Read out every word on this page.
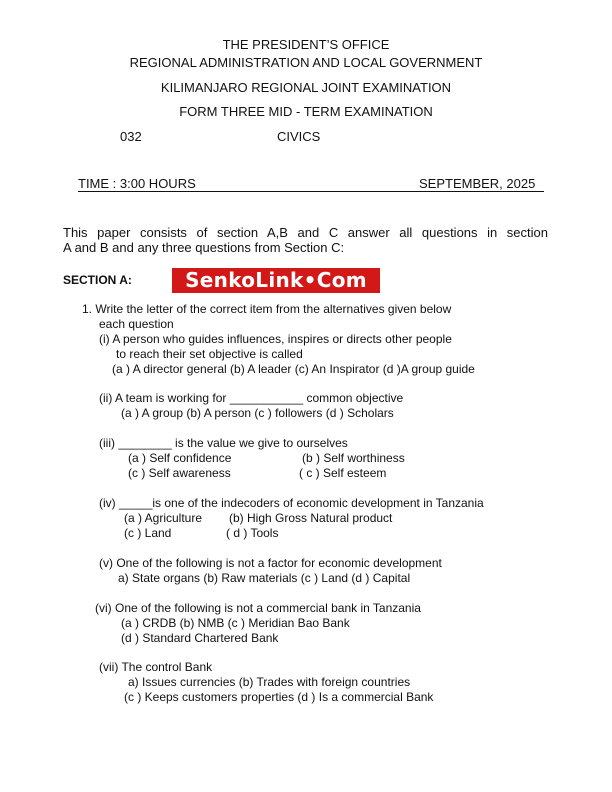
THE PRESIDENT’S OFFICE
REGIONAL ADMINISTRATION AND LOCAL GOVERNMENT
KILIMANJARO REGIONAL JOINT EXAMINATION
FORM THREE MID - TERM EXAMINATION
032	CIVICS
TIME : 3:00 HOURS	SEPTEMBER, 2025
This paper consists of section A,B and C answer all questions in section
A and B and any three questions from Section C:
SECTION A:	SenkoLink•Com
1. Write the letter of the correct item from the alternatives given below
each question
(i) A person who guides influences, inspires or directs other people
to reach their set objective is called
(a ) A director general (b) A leader (c) An Inspirator (d )A group guide
(ii) A team is working for ___________ common objective
(a ) A group (b) A person (c ) followers (d ) Scholars
(iii) ________ is the value we give to ourselves
(a ) Self confidence	(b ) Self worthiness
(c ) Self awareness	( c ) Self esteem
(iv) _____is one of the indecoders of economic development in Tanzania
(a ) Agriculture (b) High Gross Natural product
(c ) Land	( d ) Tools
(v) One of the following is not a factor for economic development
a) State organs (b) Raw materials (c ) Land (d ) Capital
(vi) One of the following is not a commercial bank in Tanzania
(a ) CRDB (b) NMB (c ) Meridian Bao Bank
(d ) Standard Chartered Bank
(vii) The control Bank
a) Issues currencies (b) Trades with foreign countries
(c ) Keeps customers properties (d ) Is a commercial Bank
